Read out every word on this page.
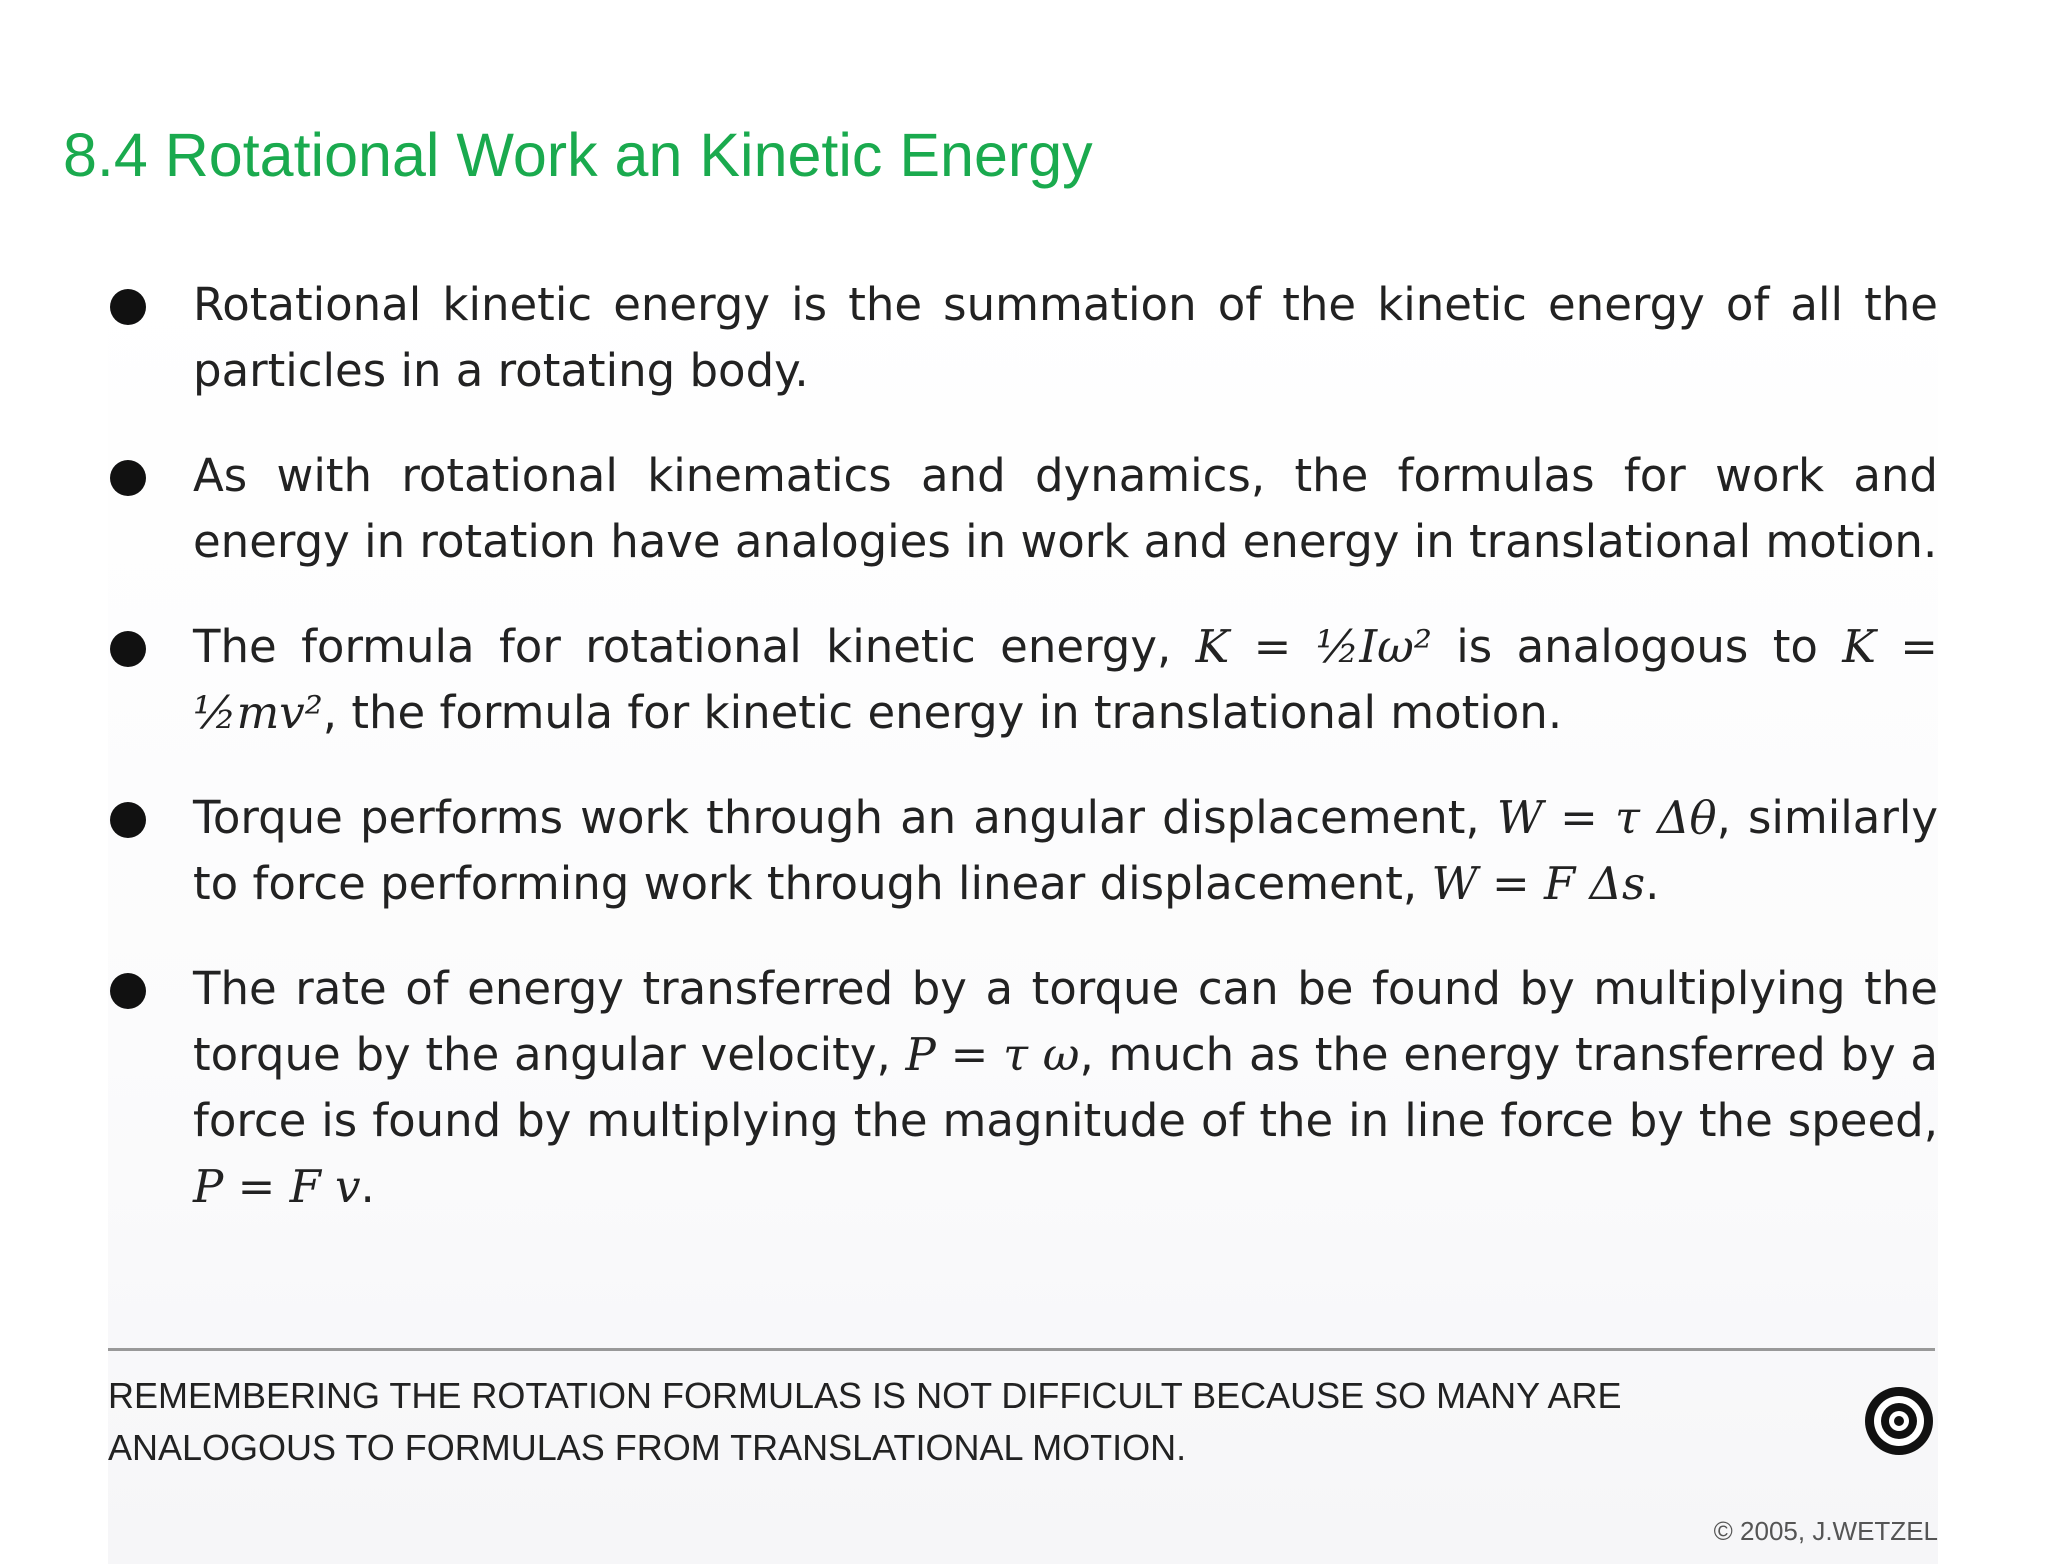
8.4 Rotational Work an Kinetic Energy
Rotational kinetic energy is the summation of the kinetic energy of all the particles in a rotating body.
As with rotational kinematics and dynamics, the formulas for work and energy in rotation have analogies in work and energy in translational motion.
The formula for rotational kinetic energy, K = ½Iω² is analogous to K = ½mv², the formula for kinetic energy in translational motion.
Torque performs work through an angular displacement, W = τ Δθ, similarly to force performing work through linear displacement, W = F Δs.
The rate of energy transferred by a torque can be found by multiplying the torque by the angular velocity, P = τ ω, much as the energy transferred by a force is found by multiplying the magnitude of the in line force by the speed, P = F v.
REMEMBERING THE ROTATION FORMULAS IS NOT DIFFICULT BECAUSE SO MANY ARE ANALOGOUS TO FORMULAS FROM TRANSLATIONAL MOTION.
© 2005, J.WETZEL
